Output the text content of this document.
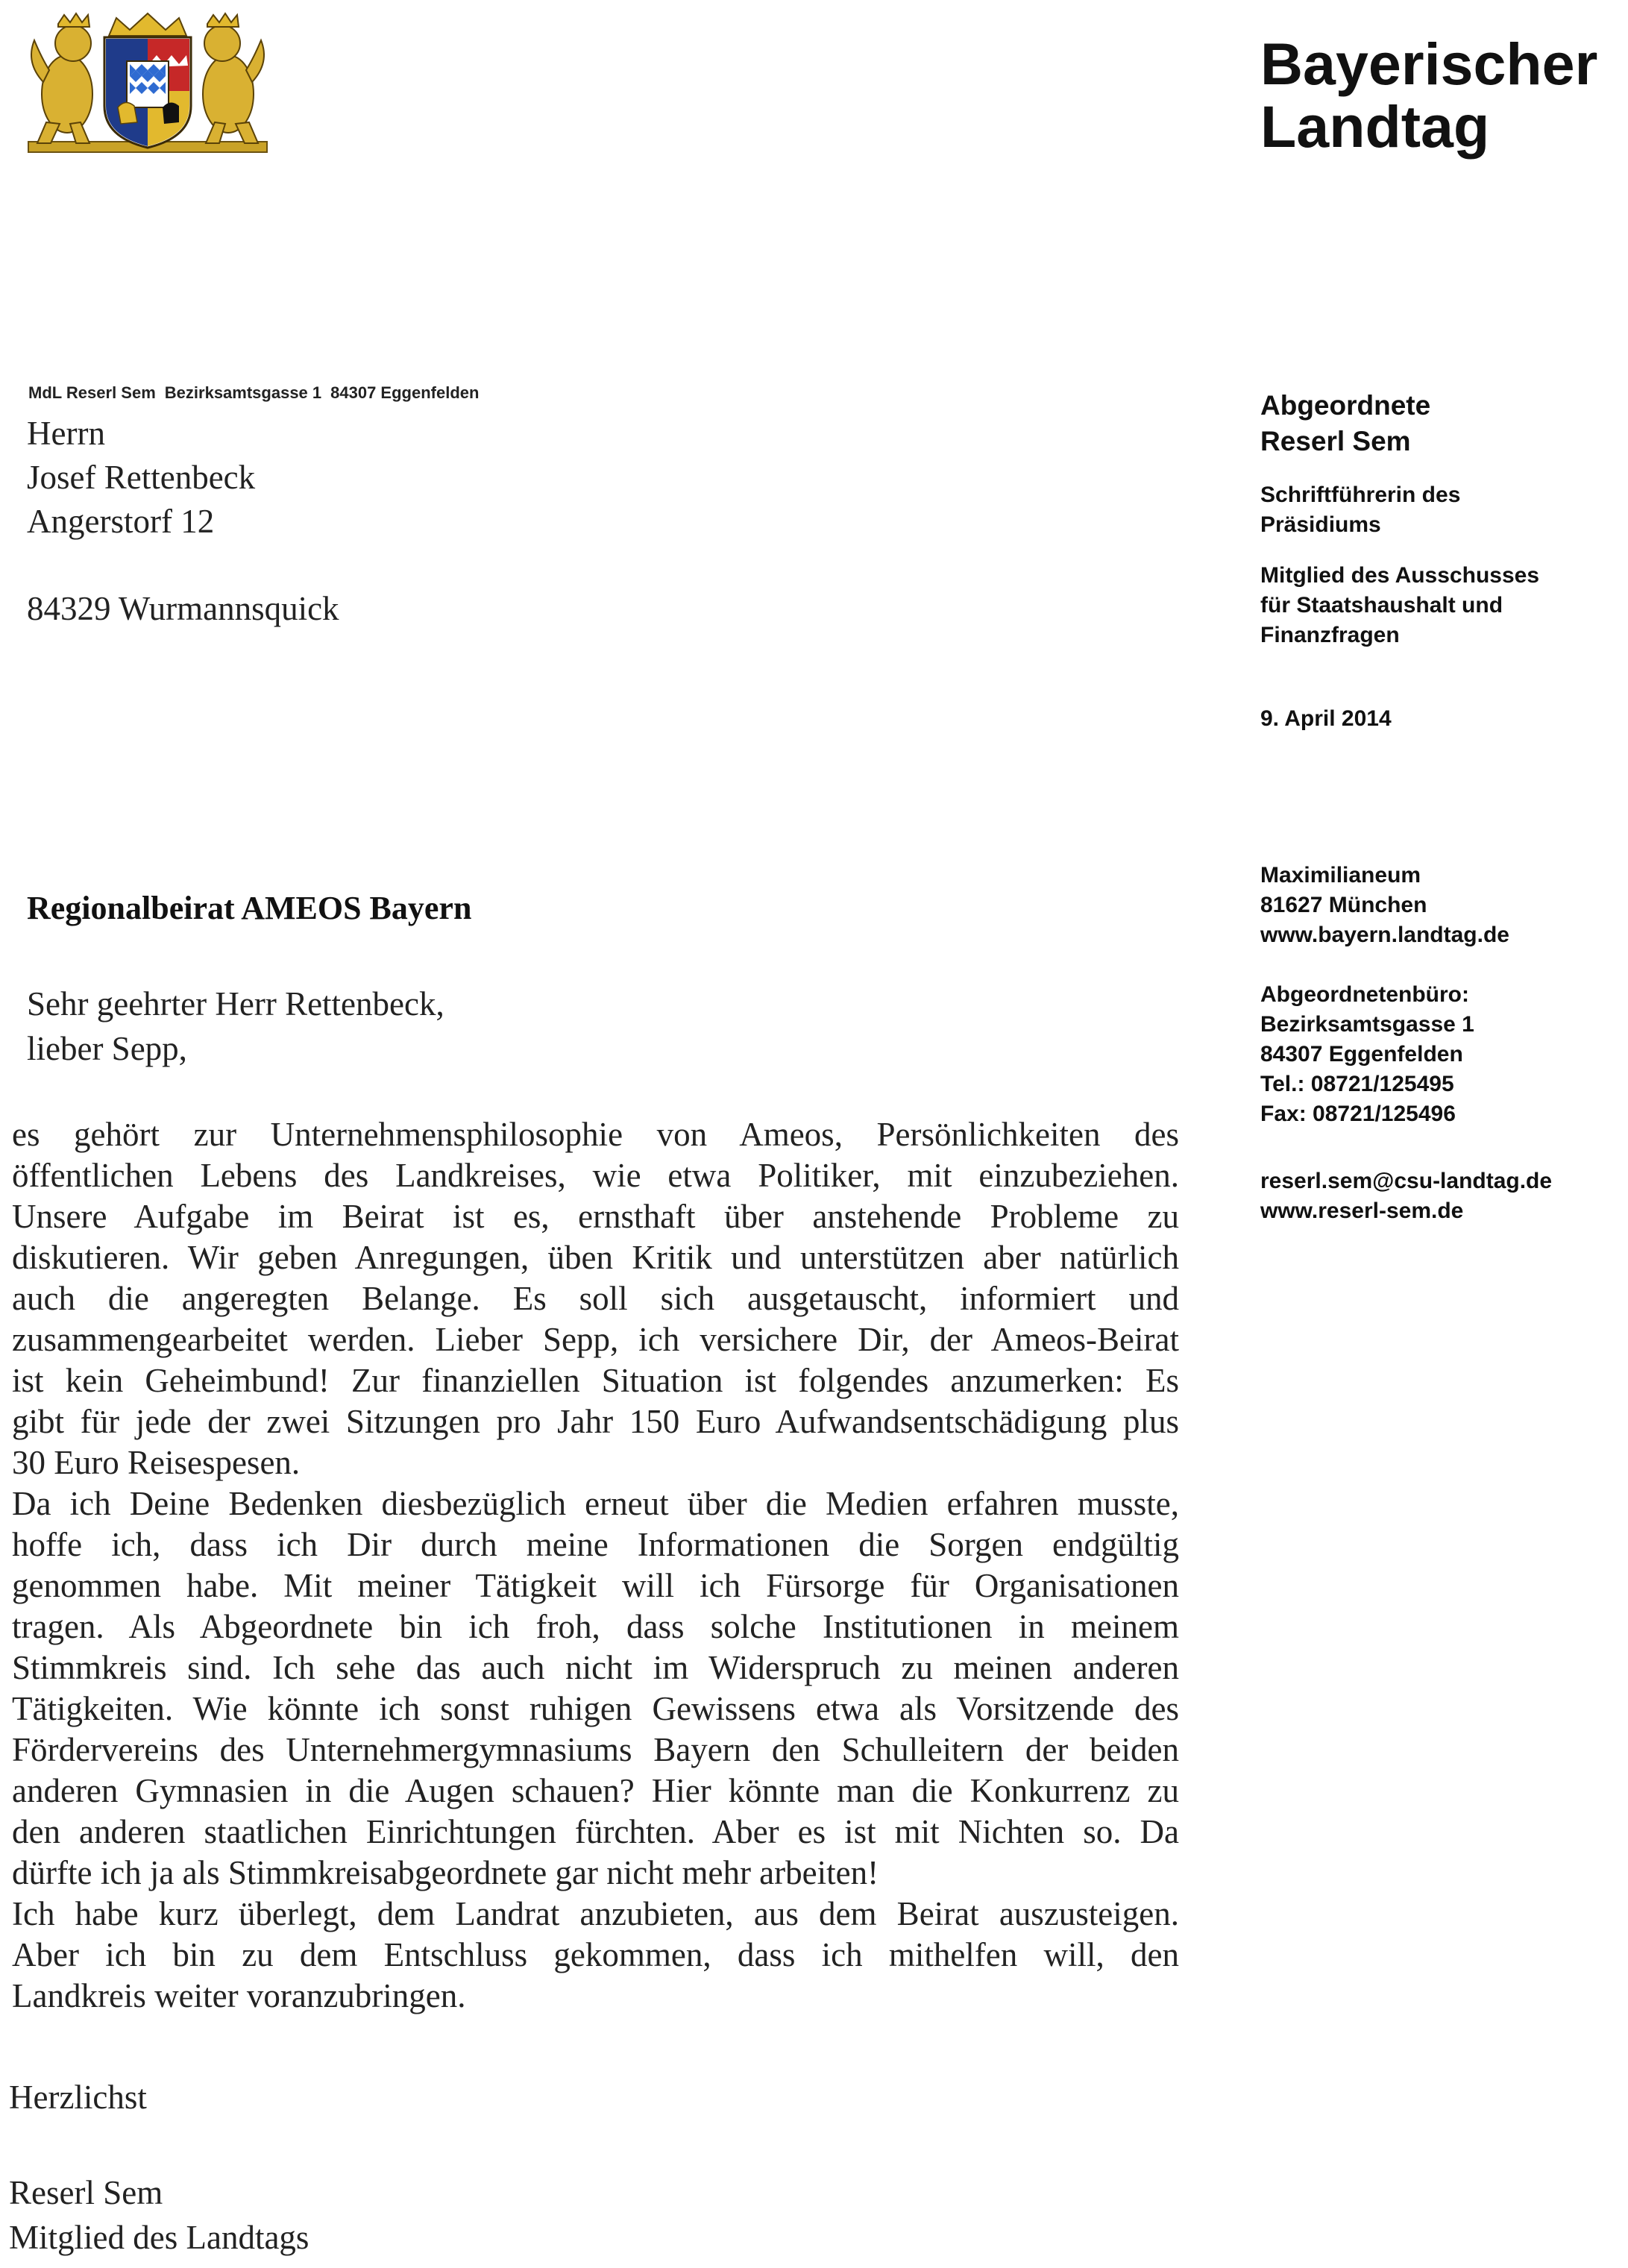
Bayerischer
Landtag
MdL Reserl Sem Bezirksamtsgasse 1 84307 Eggenfelden
Herrn
Josef Rettenbeck
Angerstorf 12
84329 Wurmannsquick
Abgeordnete
Reserl Sem
Schriftführerin des
Präsidiums
Mitglied des Ausschusses
für Staatshaushalt und
Finanzfragen
9. April 2014
Maximilianeum
81627 München
www.bayern.landtag.de
Abgeordnetenbüro:
Bezirksamtsgasse 1
84307 Eggenfelden
Tel.: 08721/125495
Fax: 08721/125496
reserl.sem@csu-landtag.de
www.reserl-sem.de
Regionalbeirat AMEOS Bayern
Sehr geehrter Herr Rettenbeck,
lieber Sepp,
es gehört zur Unternehmensphilosophie von Ameos, Persönlichkeiten des
öffentlichen Lebens des Landkreises, wie etwa Politiker, mit einzubeziehen.
Unsere Aufgabe im Beirat ist es, ernsthaft über anstehende Probleme zu
diskutieren. Wir geben Anregungen, üben Kritik und unterstützen aber natürlich
auch die angeregten Belange. Es soll sich ausgetauscht, informiert und
zusammengearbeitet werden. Lieber Sepp, ich versichere Dir, der Ameos-Beirat
ist kein Geheimbund! Zur finanziellen Situation ist folgendes anzumerken: Es
gibt für jede der zwei Sitzungen pro Jahr 150 Euro Aufwandsentschädigung plus
30 Euro Reisespesen.
Da ich Deine Bedenken diesbezüglich erneut über die Medien erfahren musste,
hoffe ich, dass ich Dir durch meine Informationen die Sorgen endgültig
genommen habe. Mit meiner Tätigkeit will ich Fürsorge für Organisationen
tragen. Als Abgeordnete bin ich froh, dass solche Institutionen in meinem
Stimmkreis sind. Ich sehe das auch nicht im Widerspruch zu meinen anderen
Tätigkeiten. Wie könnte ich sonst ruhigen Gewissens etwa als Vorsitzende des
Fördervereins des Unternehmergymnasiums Bayern den Schulleitern der beiden
anderen Gymnasien in die Augen schauen? Hier könnte man die Konkurrenz zu
den anderen staatlichen Einrichtungen fürchten. Aber es ist mit Nichten so. Da
dürfte ich ja als Stimmkreisabgeordnete gar nicht mehr arbeiten!
Ich habe kurz überlegt, dem Landrat anzubieten, aus dem Beirat auszusteigen.
Aber ich bin zu dem Entschluss gekommen, dass ich mithelfen will, den
Landkreis weiter voranzubringen.
Herzlichst
Reserl Sem
Mitglied des Landtags
